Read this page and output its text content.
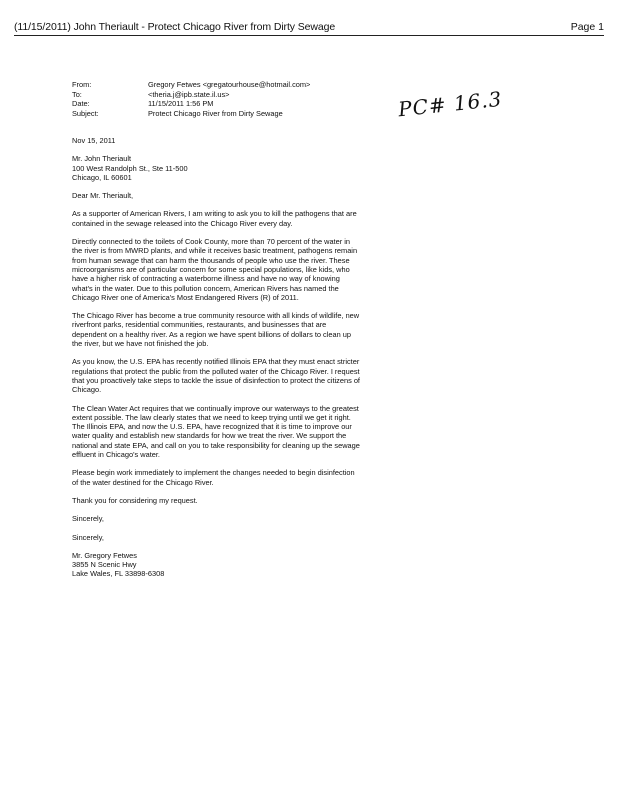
(11/15/2011) John Theriault - Protect Chicago River from Dirty Sewage	Page 1
From:	Gregory Fetwes <gregatourhouse@hotmail.com>
To:	<theria.j@ipb.state.il.us>
Date:	11/15/2011 1:56 PM
Subject:	Protect Chicago River from Dirty Sewage	PC# 16.3

Nov 15, 2011

Mr. John Theriault
100 West Randolph St., Ste 11-500
Chicago, IL 60601

Dear Mr. Theriault,

As a supporter of American Rivers, I am writing to ask you to kill the pathogens that are contained in the sewage released into the Chicago River every day.

Directly connected to the toilets of Cook County, more than 70 percent of the water in the river is from MWRD plants, and while it receives basic treatment, pathogens remain from human sewage that can harm the thousands of people who use the river. These microorganisms are of particular concern for some special populations, like kids, who have a higher risk of contracting a waterborne illness and have no way of knowing what's in the water. Due to this pollution concern, American Rivers has named the Chicago River one of America's Most Endangered Rivers (R) of 2011.

The Chicago River has become a true community resource with all kinds of wildlife, new riverfront parks, residential communities, restaurants, and businesses that are dependent on a healthy river. As a region we have spent billions of dollars to clean up the river, but we have not finished the job.

As you know, the U.S. EPA has recently notified Illinois EPA that they must enact stricter regulations that protect the public from the polluted water of the Chicago River. I request that you proactively take steps to tackle the issue of disinfection to protect the citizens of Chicago.

The Clean Water Act requires that we continually improve our waterways to the greatest extent possible. The law clearly states that we need to keep trying until we get it right. The Illinois EPA, and now the U.S. EPA, have recognized that it is time to improve our water quality and establish new standards for how we treat the river. We support the national and state EPA, and call on you to take responsibility for cleaning up the sewage effluent in Chicago's water.

Please begin work immediately to implement the changes needed to begin disinfection of the water destined for the Chicago River.

Thank you for considering my request.

Sincerely,

Sincerely,

Mr. Gregory Fetwes
3855 N Scenic Hwy
Lake Wales, FL 33898-6308
